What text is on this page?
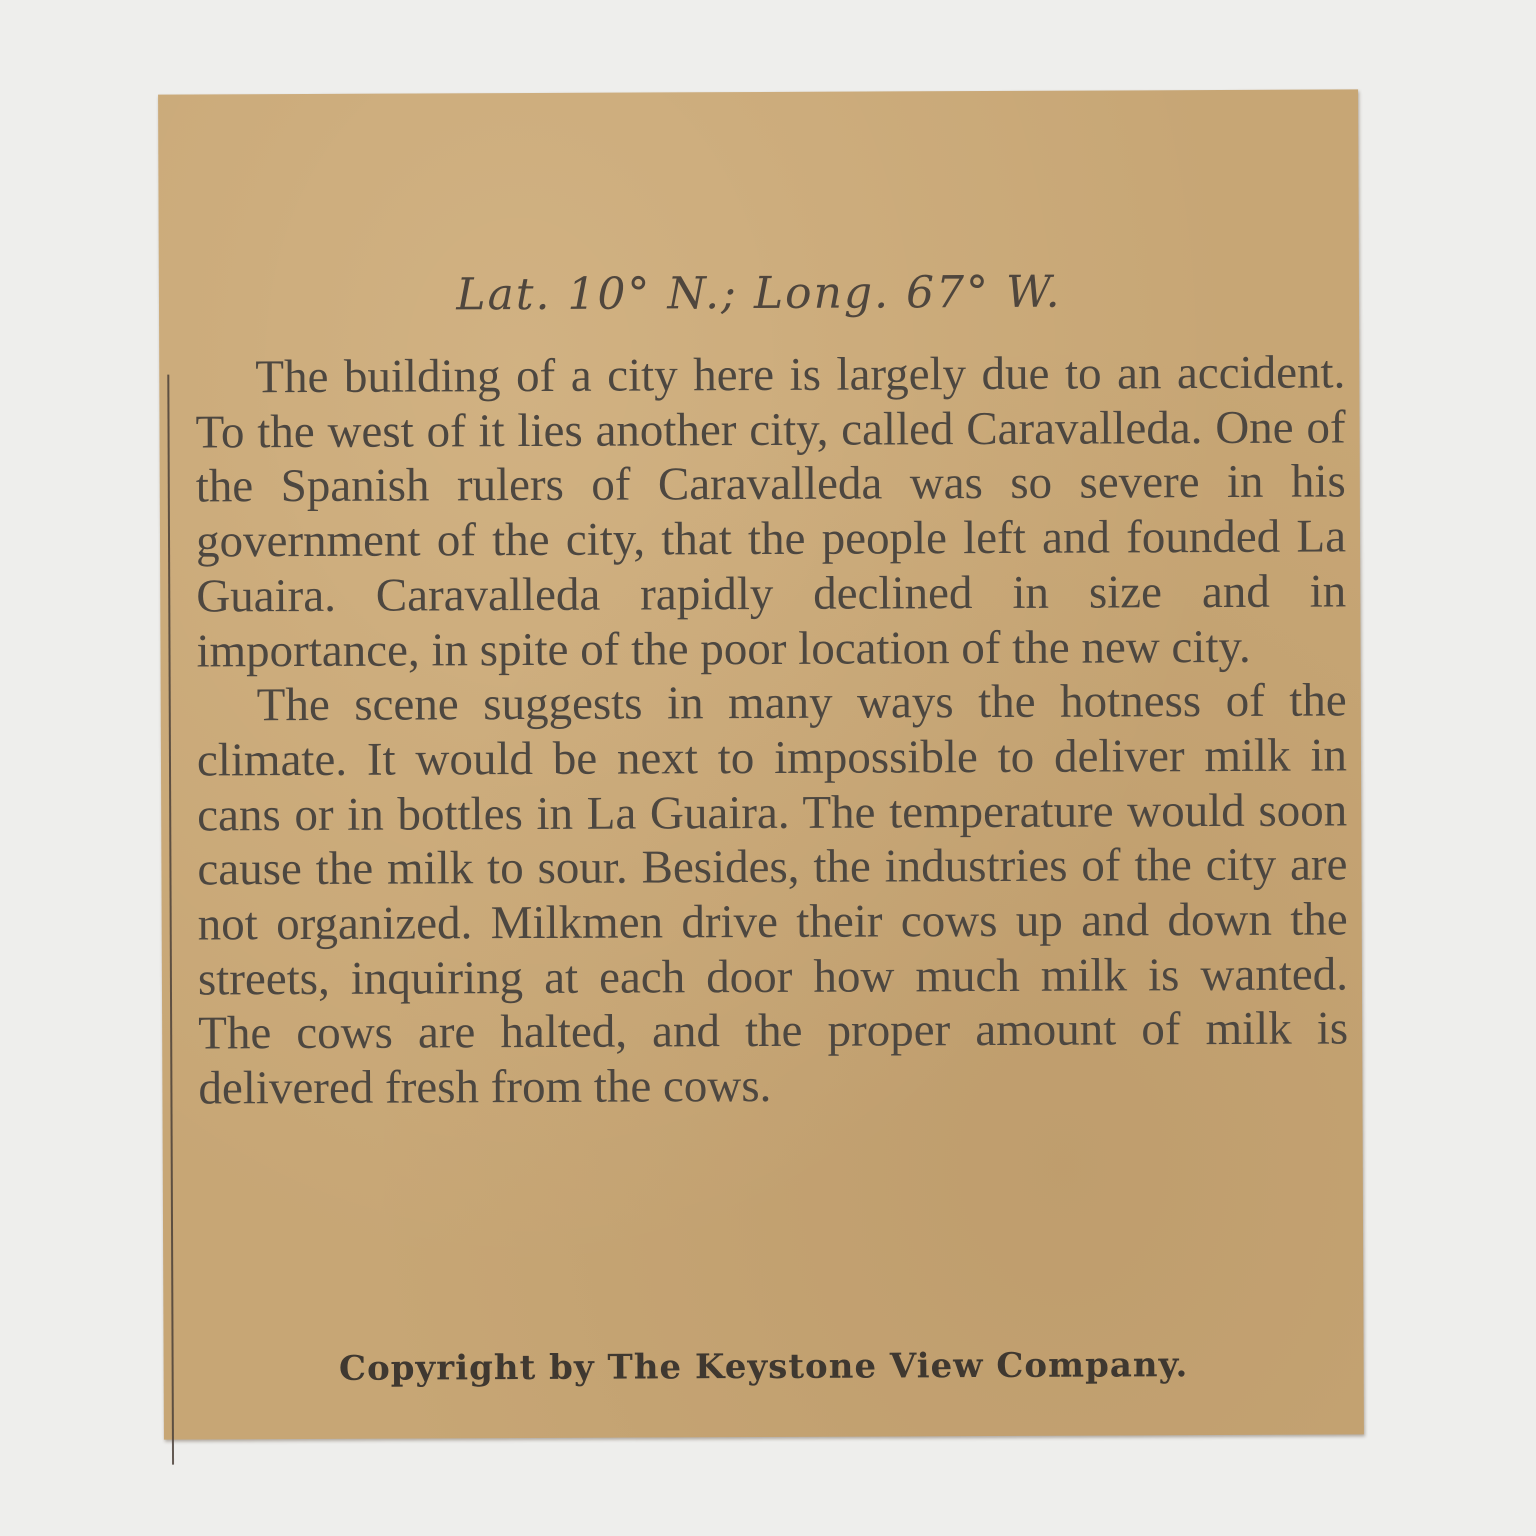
Lat. 10° N.; Long. 67° W.

The building of a city here is largely due to an accident. To the west of it lies another city, called Caravalleda. One of the Spanish rulers of Caravalleda was so severe in his government of the city, that the people left and founded La Guaira. Caravalleda rapidly declined in size and in importance, in spite of the poor location of the new city.

The scene suggests in many ways the hotness of the climate. It would be next to impossible to deliver milk in cans or in bottles in La Guaira. The temperature would soon cause the milk to sour. Besides, the industries of the city are not organized. Milkmen drive their cows up and down the streets, inquiring at each door how much milk is wanted. The cows are halted, and the proper amount of milk is delivered fresh from the cows.

Copyright by The Keystone View Company.
